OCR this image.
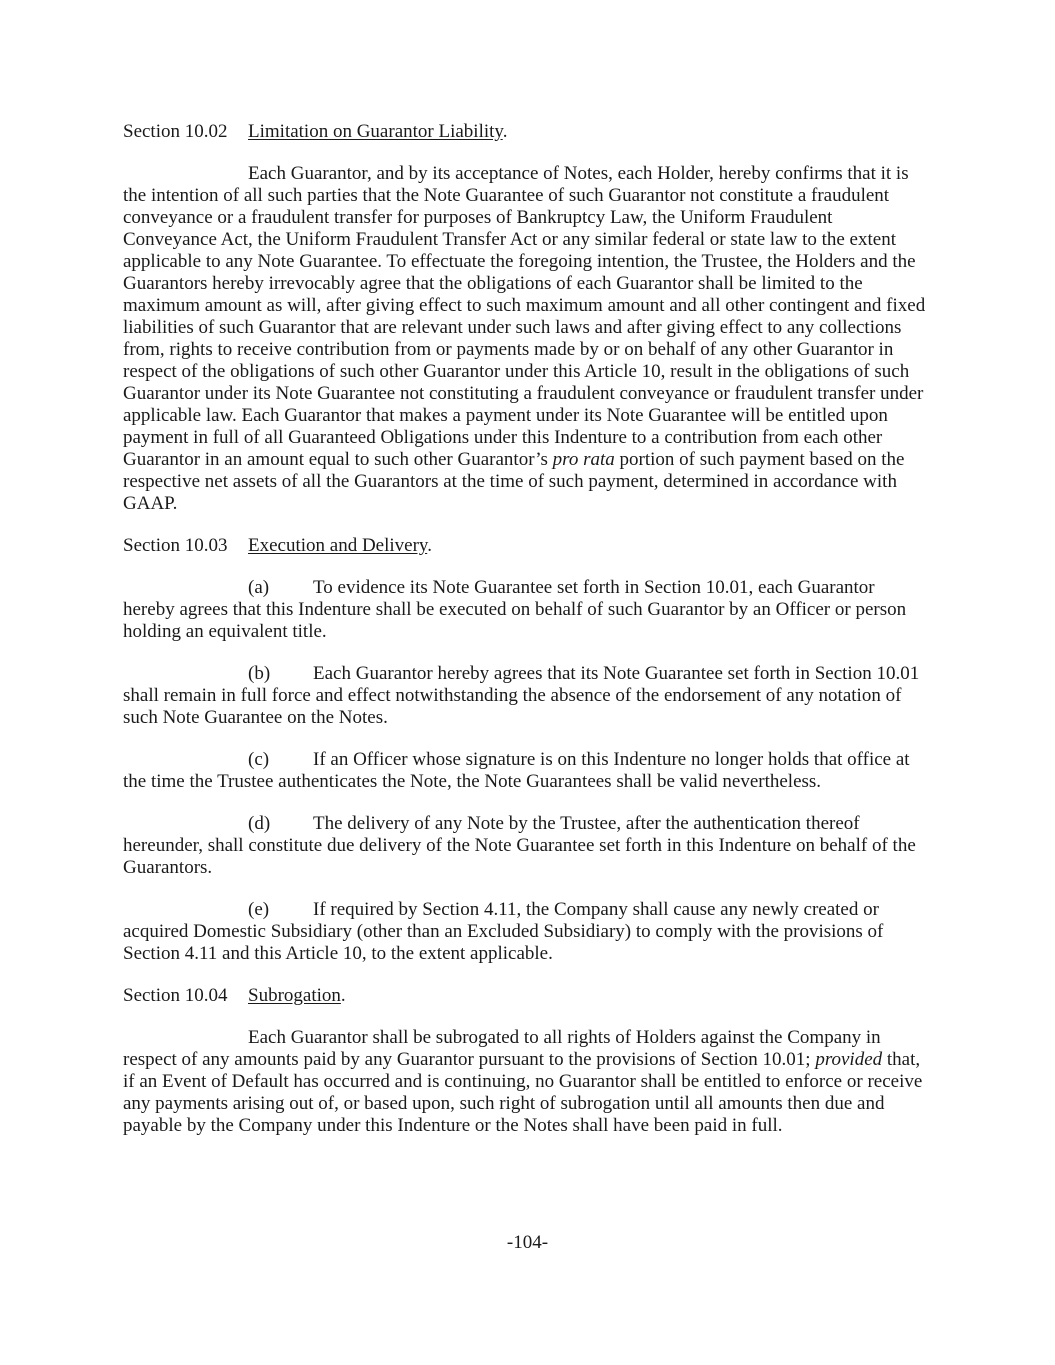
Section 10.02 Limitation on Guarantor Liability.

Each Guarantor, and by its acceptance of Notes, each Holder, hereby confirms that it is the intention of all such parties that the Note Guarantee of such Guarantor not constitute a fraudulent conveyance or a fraudulent transfer for purposes of Bankruptcy Law, the Uniform Fraudulent Conveyance Act, the Uniform Fraudulent Transfer Act or any similar federal or state law to the extent applicable to any Note Guarantee. To effectuate the foregoing intention, the Trustee, the Holders and the Guarantors hereby irrevocably agree that the obligations of each Guarantor shall be limited to the maximum amount as will, after giving effect to such maximum amount and all other contingent and fixed liabilities of such Guarantor that are relevant under such laws and after giving effect to any collections from, rights to receive contribution from or payments made by or on behalf of any other Guarantor in respect of the obligations of such other Guarantor under this Article 10, result in the obligations of such Guarantor under its Note Guarantee not constituting a fraudulent conveyance or fraudulent transfer under applicable law. Each Guarantor that makes a payment under its Note Guarantee will be entitled upon payment in full of all Guaranteed Obligations under this Indenture to a contribution from each other Guarantor in an amount equal to such other Guarantor’s pro rata portion of such payment based on the respective net assets of all the Guarantors at the time of such payment, determined in accordance with GAAP.

Section 10.03 Execution and Delivery.

(a) To evidence its Note Guarantee set forth in Section 10.01, each Guarantor hereby agrees that this Indenture shall be executed on behalf of such Guarantor by an Officer or person holding an equivalent title.

(b) Each Guarantor hereby agrees that its Note Guarantee set forth in Section 10.01 shall remain in full force and effect notwithstanding the absence of the endorsement of any notation of such Note Guarantee on the Notes.

(c) If an Officer whose signature is on this Indenture no longer holds that office at the time the Trustee authenticates the Note, the Note Guarantees shall be valid nevertheless.

(d) The delivery of any Note by the Trustee, after the authentication thereof hereunder, shall constitute due delivery of the Note Guarantee set forth in this Indenture on behalf of the Guarantors.

(e) If required by Section 4.11, the Company shall cause any newly created or acquired Domestic Subsidiary (other than an Excluded Subsidiary) to comply with the provisions of Section 4.11 and this Article 10, to the extent applicable.

Section 10.04 Subrogation.

Each Guarantor shall be subrogated to all rights of Holders against the Company in respect of any amounts paid by any Guarantor pursuant to the provisions of Section 10.01; provided that, if an Event of Default has occurred and is continuing, no Guarantor shall be entitled to enforce or receive any payments arising out of, or based upon, such right of subrogation until all amounts then due and payable by the Company under this Indenture or the Notes shall have been paid in full.

-104-
